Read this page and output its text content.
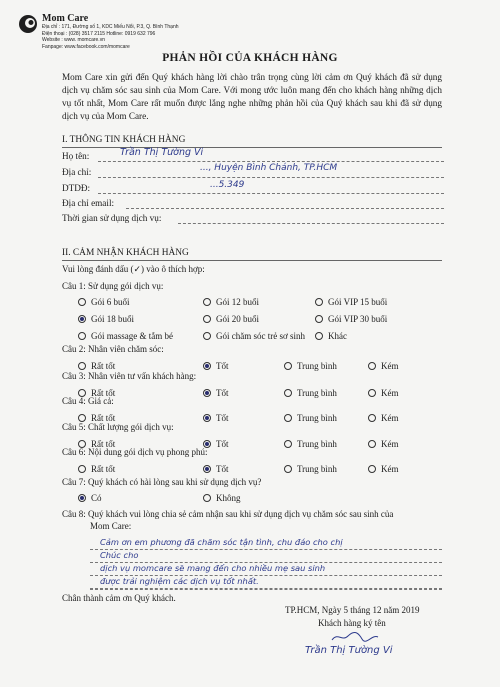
Mom Care
Địa chỉ : 171, Đường số 1, KDC Miếu Nổi, P.3, Q. Bình Thạnh
Điện thoại : (028) 3517 2115 Hotline: 0919 632 796
Website : www. momcare.vn
Fanpage: www.facebook.com/momcare
PHẢN HỒI CỦA KHÁCH HÀNG
Mom Care xin gửi đến Quý khách hàng lời chào trân trọng cùng lời cảm ơn Quý khách đã sử dụng dịch vụ chăm sóc sau sinh của Mom Care. Với mong ước luôn mang đến cho khách hàng những dịch vụ tốt nhất, Mom Care rất muốn được lắng nghe những phản hồi của Quý khách sau khi đã sử dụng dịch vụ của Mom Care.
I. THÔNG TIN KHÁCH HÀNG
Họ tên:	Trần Thị Tường Vi
Địa chỉ:	..., Huyện Bình Chánh, TP.HCM
DTDĐ:	...5.349
Địa chỉ email:
Thời gian sử dụng dịch vụ:
II. CẢM NHẬN KHÁCH HÀNG
Vui lòng đánh dấu (✓) vào ô thích hợp:
Câu 1: Sử dụng gói dịch vụ:
Câu 7: Quý khách có hài lòng sau khi sử dụng dịch vụ?
Câu 8: Quý khách vui lòng chia sẻ cảm nhận sau khi sử dụng dịch vụ chăm sóc sau sinh của
Mom Care:
Chân thành cảm ơn Quý khách.
TP.HCM, Ngày 5 tháng 12 năm 2019
Khách hàng ký tên
Trần Thị Tường Vi
Gói 6 buổi	Gói 12 buổi	Gói VIP 15 buổi
Gói 18 buổi	Gói 20 buổi	Gói VIP 30 buổi
Gói massage & tắm bé	Gói chăm sóc trẻ sơ sinh	Khác
Câu 2: Nhân viên chăm sóc:
Rất tốt	Tốt	Trung bình	Kém
Câu 3: Nhân viên tư vấn khách hàng:
Rất tốt	Tốt	Trung bình	Kém
Câu 4: Giá cả:
Rất tốt	Tốt	Trung bình	Kém
Câu 5: Chất lượng gói dịch vụ:
Rất tốt	Tốt	Trung bình	Kém
Câu 6: Nội dung gói dịch vụ phong phú:
Rất tốt	Tốt	Trung bình	Kém
Có	Không
Cảm ơn em phương đã chăm sóc tận tình, chu đáo cho chị
Chúc cho
dịch vụ momcare sẽ mang đến cho nhiều mẹ sau sinh
được trải nghiệm các dịch vụ tốt nhất.
